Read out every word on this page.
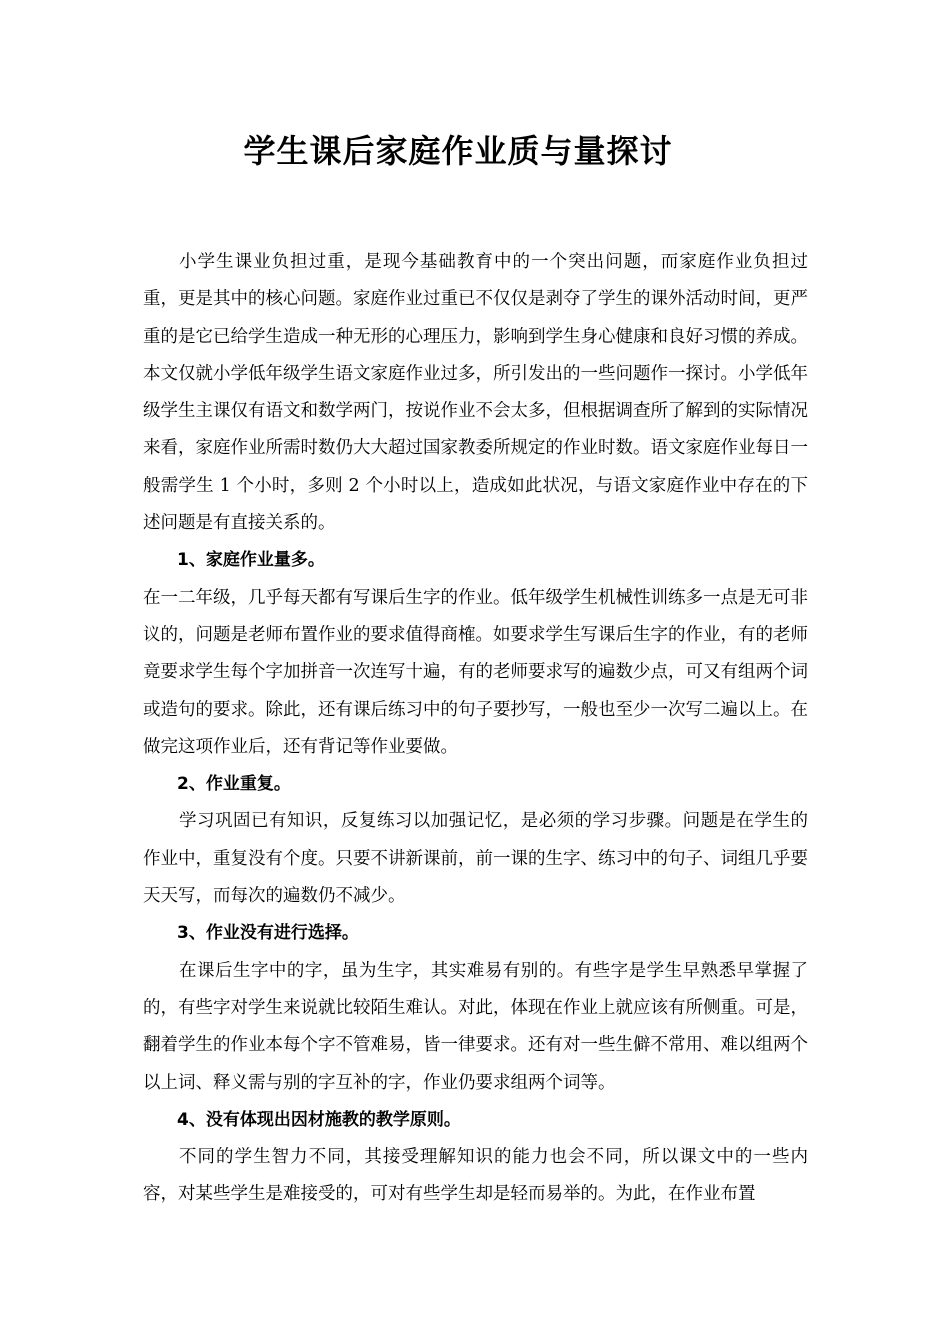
学生课后家庭作业质与量探讨

小学生课业负担过重，是现今基础教育中的一个突出问题，而家庭作业负担过重，更是其中的核心问题。家庭作业过重已不仅仅是剥夺了学生的课外活动时间，更严重的是它已给学生造成一种无形的心理压力，影响到学生身心健康和良好习惯的养成。本文仅就小学低年级学生语文家庭作业过多，所引发出的一些问题作一探讨。小学低年级学生主课仅有语文和数学两门，按说作业不会太多，但根据调查所了解到的实际情况来看，家庭作业所需时数仍大大超过国家教委所规定的作业时数。语文家庭作业每日一般需学生 1 个小时，多则 2 个小时以上，造成如此状况，与语文家庭作业中存在的下述问题是有直接关系的。

1、家庭作业量多。

在一二年级，几乎每天都有写课后生字的作业。低年级学生机械性训练多一点是无可非议的，问题是老师布置作业的要求值得商榷。如要求学生写课后生字的作业，有的老师竟要求学生每个字加拼音一次连写十遍，有的老师要求写的遍数少点，可又有组两个词或造句的要求。除此，还有课后练习中的句子要抄写，一般也至少一次写二遍以上。在做完这项作业后，还有背记等作业要做。

2、作业重复。

学习巩固已有知识，反复练习以加强记忆，是必须的学习步骤。问题是在学生的作业中，重复没有个度。只要不讲新课前，前一课的生字、练习中的句子、词组几乎要天天写，而每次的遍数仍不减少。

3、作业没有进行选择。

在课后生字中的字，虽为生字，其实难易有别的。有些字是学生早熟悉早掌握了的，有些字对学生来说就比较陌生难认。对此，体现在作业上就应该有所侧重。可是，翻着学生的作业本每个字不管难易，皆一律要求。还有对一些生僻不常用、难以组两个以上词、释义需与别的字互补的字，作业仍要求组两个词等。

4、没有体现出因材施教的教学原则。

不同的学生智力不同，其接受理解知识的能力也会不同，所以课文中的一些内容，对某些学生是难接受的，可对有些学生却是轻而易举的。为此，在作业布置
